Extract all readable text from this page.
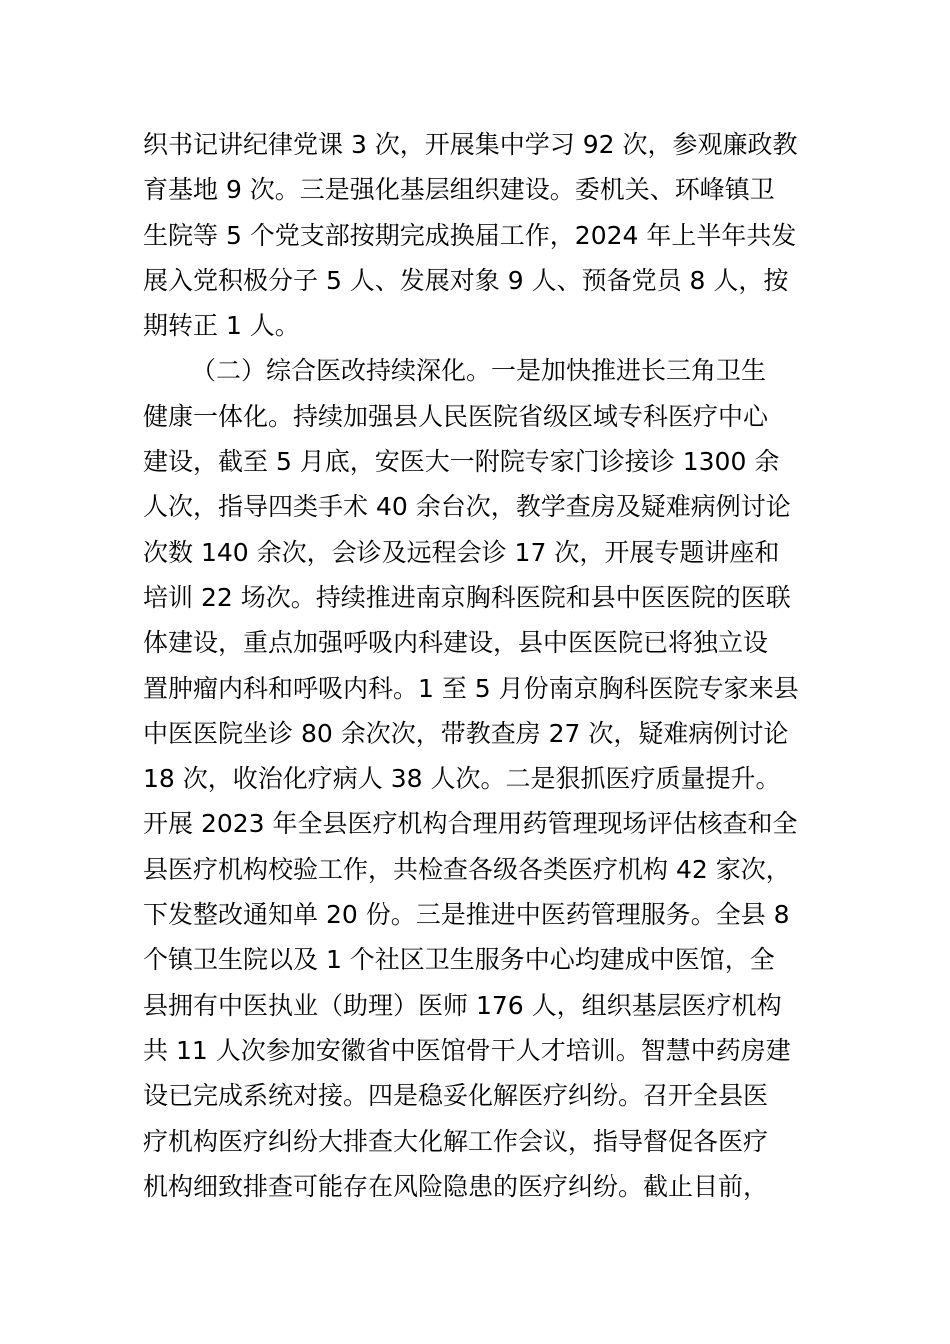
织书记讲纪律党课 3 次，开展集中学习 92 次，参观廉政教
育基地 9 次。三是强化基层组织建设。委机关、环峰镇卫
生院等 5 个党支部按期完成换届工作，2024 年上半年共发
展入党积极分子 5 人、发展对象 9 人、预备党员 8 人，按
期转正 1 人。
（二）综合医改持续深化。一是加快推进长三角卫生
健康一体化。持续加强县人民医院省级区域专科医疗中心
建设，截至 5 月底，安医大一附院专家门诊接诊 1300 余
人次，指导四类手术 40 余台次，教学查房及疑难病例讨论
次数 140 余次，会诊及远程会诊 17 次，开展专题讲座和
培训 22 场次。持续推进南京胸科医院和县中医医院的医联
体建设，重点加强呼吸内科建设，县中医医院已将独立设
置肿瘤内科和呼吸内科。1 至 5 月份南京胸科医院专家来县
中医医院坐诊 80 余次次，带教查房 27 次，疑难病例讨论
18 次，收治化疗病人 38 人次。二是狠抓医疗质量提升。
开展 2023 年全县医疗机构合理用药管理现场评估核查和全
县医疗机构校验工作，共检查各级各类医疗机构 42 家次，
下发整改通知单 20 份。三是推进中医药管理服务。全县 8
个镇卫生院以及 1 个社区卫生服务中心均建成中医馆，全
县拥有中医执业（助理）医师 176 人，组织基层医疗机构
共 11 人次参加安徽省中医馆骨干人才培训。智慧中药房建
设已完成系统对接。四是稳妥化解医疗纠纷。召开全县医
疗机构医疗纠纷大排查大化解工作会议，指导督促各医疗
机构细致排查可能存在风险隐患的医疗纠纷。截止目前，
